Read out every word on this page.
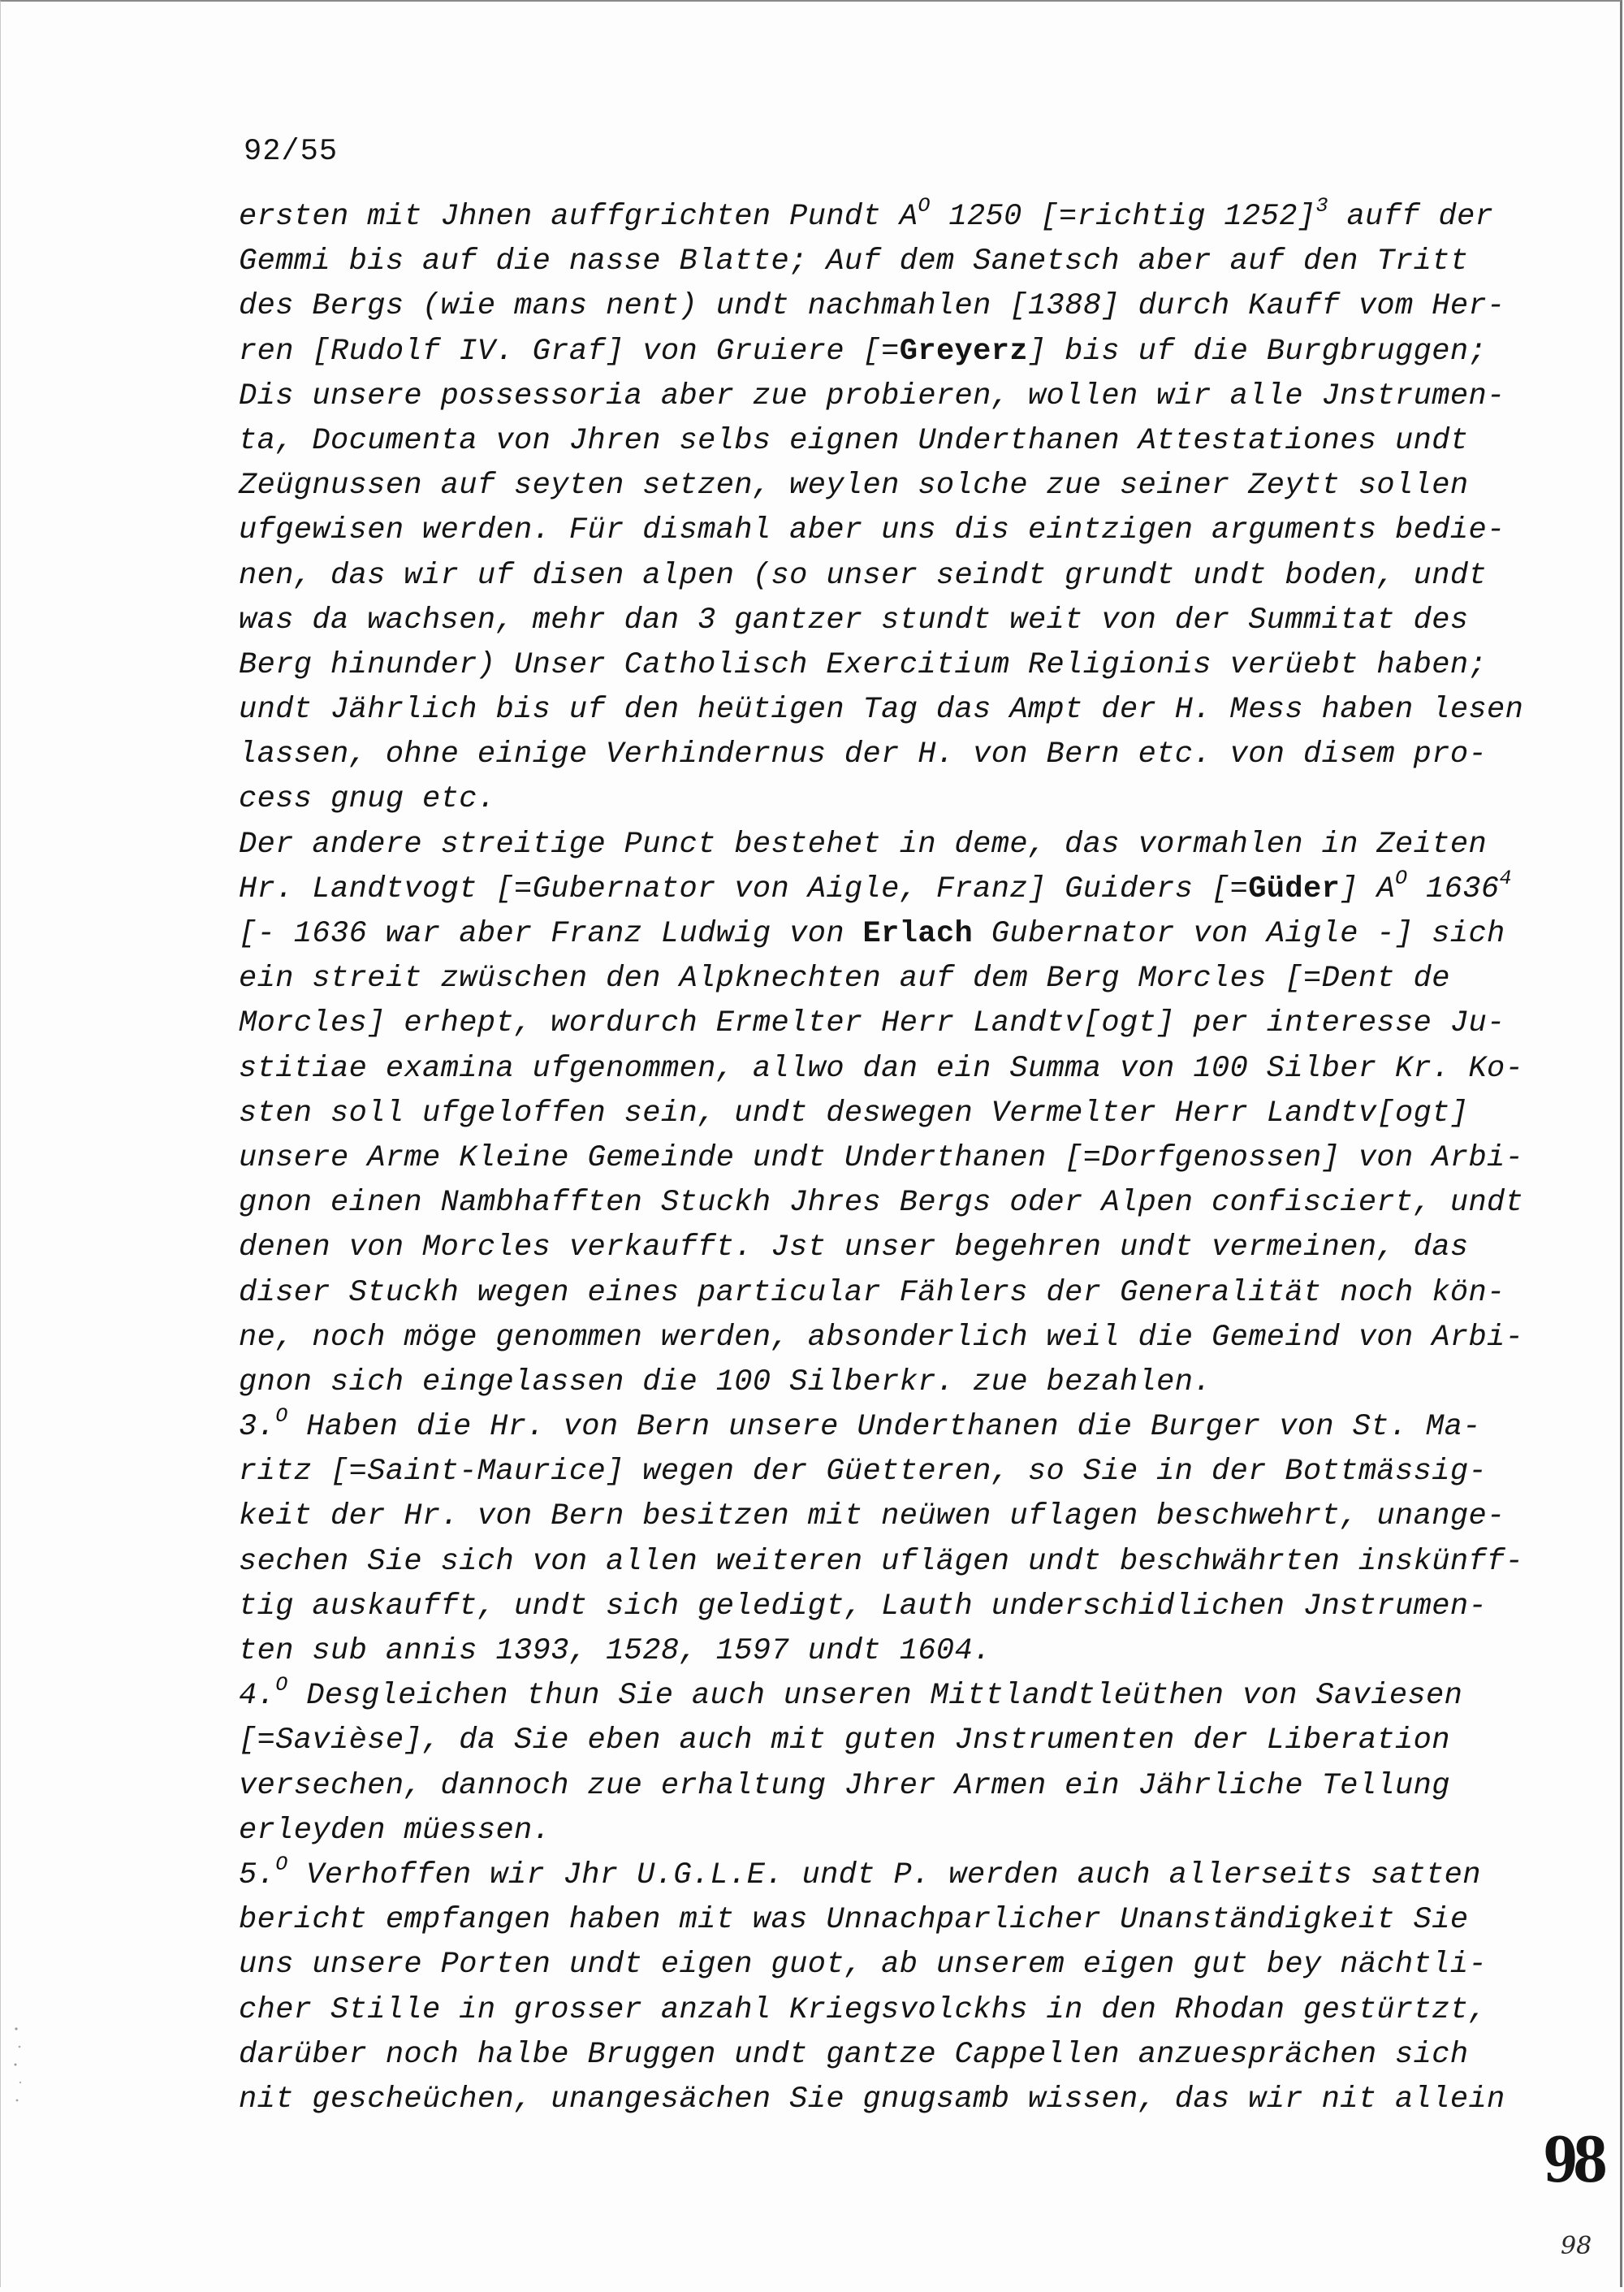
92/55
ersten mit Jhnen auffgrichten Pundt $A^O$ 1250 [=richtig 1252]$^3$ auff der
Gemmi bis auf die nasse Blatte; Auf dem Sanetsch aber auf den Tritt
des Bergs (wie mans nent) undt nachmahlen [1388] durch Kauff vom Her-
ren [Rudolf IV. Graf] von Gruiere [=Greyerz] bis uf die Burgbruggen;
Dis unsere possessoria aber zue probieren, wollen wir alle Jnstrumen-
ta, Documenta von Jhren selbs eignen Underthanen Attestationes undt
Zeügnussen auf seyten setzen, weylen solche zue seiner Zeytt sollen
ufgewisen werden. Für dismahl aber uns dis eintzigen arguments bedie-
nen, das wir uf disen alpen (so unser seindt grundt undt boden, undt
was da wachsen, mehr dan 3 gantzer stundt weit von der Summitat des
Berg hinunder) Unser Catholisch Exercitium Religionis verüebt haben;
undt Jährlich bis uf den heütigen Tag das Ampt der H. Mess haben lesen
lassen, ohne einige Verhindernus der H. von Bern etc. von disem pro-
cess gnug etc.
Der andere streitige Punct bestehet in deme, das vormahlen in Zeiten
Hr. Landtvogt [=Gubernator von Aigle, Franz] Guiders [=Güder] $A^O$ 1636$^4$
[- 1636 war aber Franz Ludwig von Erlach Gubernator von Aigle -] sich
ein streit zwüschen den Alpknechten auf dem Berg Morcles [=Dent de
Morcles] erhept, wordurch Ermelter Herr Landtv[ogt] per interesse Ju-
stitiae examina ufgenommen, allwo dan ein Summa von 100 Silber Kr. Ko-
sten soll ufgeloffen sein, undt deswegen Vermelter Herr Landtv[ogt]
unsere Arme Kleine Gemeinde undt Underthanen [=Dorfgenossen] von Arbi-
gnon einen Nambhafften Stuckh Jhres Bergs oder Alpen confisciert, undt
denen von Morcles verkaufft. Jst unser begehren undt vermeinen, das
diser Stuckh wegen eines particular Fählers der Generalität noch kön-
ne, noch möge genommen werden, absonderlich weil die Gemeind von Arbi-
gnon sich eingelassen die 100 Silberkr. zue bezahlen.
3.$^O$ Haben die Hr. von Bern unsere Underthanen die Burger von St. Ma-
ritz [=Saint-Maurice] wegen der Güetteren, so Sie in der Bottmässig-
keit der Hr. von Bern besitzen mit neüwen uflagen beschwehrt, unange-
sechen Sie sich von allen weiteren uflägen undt beschwährten inskünff-
tig auskaufft, undt sich geledigt, Lauth underschidlichen Jnstrumen-
ten sub annis 1393, 1528, 1597 undt 1604.
4.$^O$ Desgleichen thun Sie auch unseren Mittlandtleüthen von Saviesen
[=Savièse], da Sie eben auch mit guten Jnstrumenten der Liberation
versechen, dannoch zue erhaltung Jhrer Armen ein Jährliche Tellung
erleyden müessen.
5.$^O$ Verhoffen wir Jhr U.G.L.E. undt P. werden auch allerseits satten
bericht empfangen haben mit was Unnachparlicher Unanständigkeit Sie
uns unsere Porten undt eigen guot, ab unserem eigen gut bey nächtli-
cher Stille in grosser anzahl Kriegsvolckhs in den Rhodan gestürtzt,
darüber noch halbe Bruggen undt gantze Cappellen anzuesprächen sich
nit gescheüchen, unangesächen Sie gnugsamb wissen, das wir nit allein
98
98
